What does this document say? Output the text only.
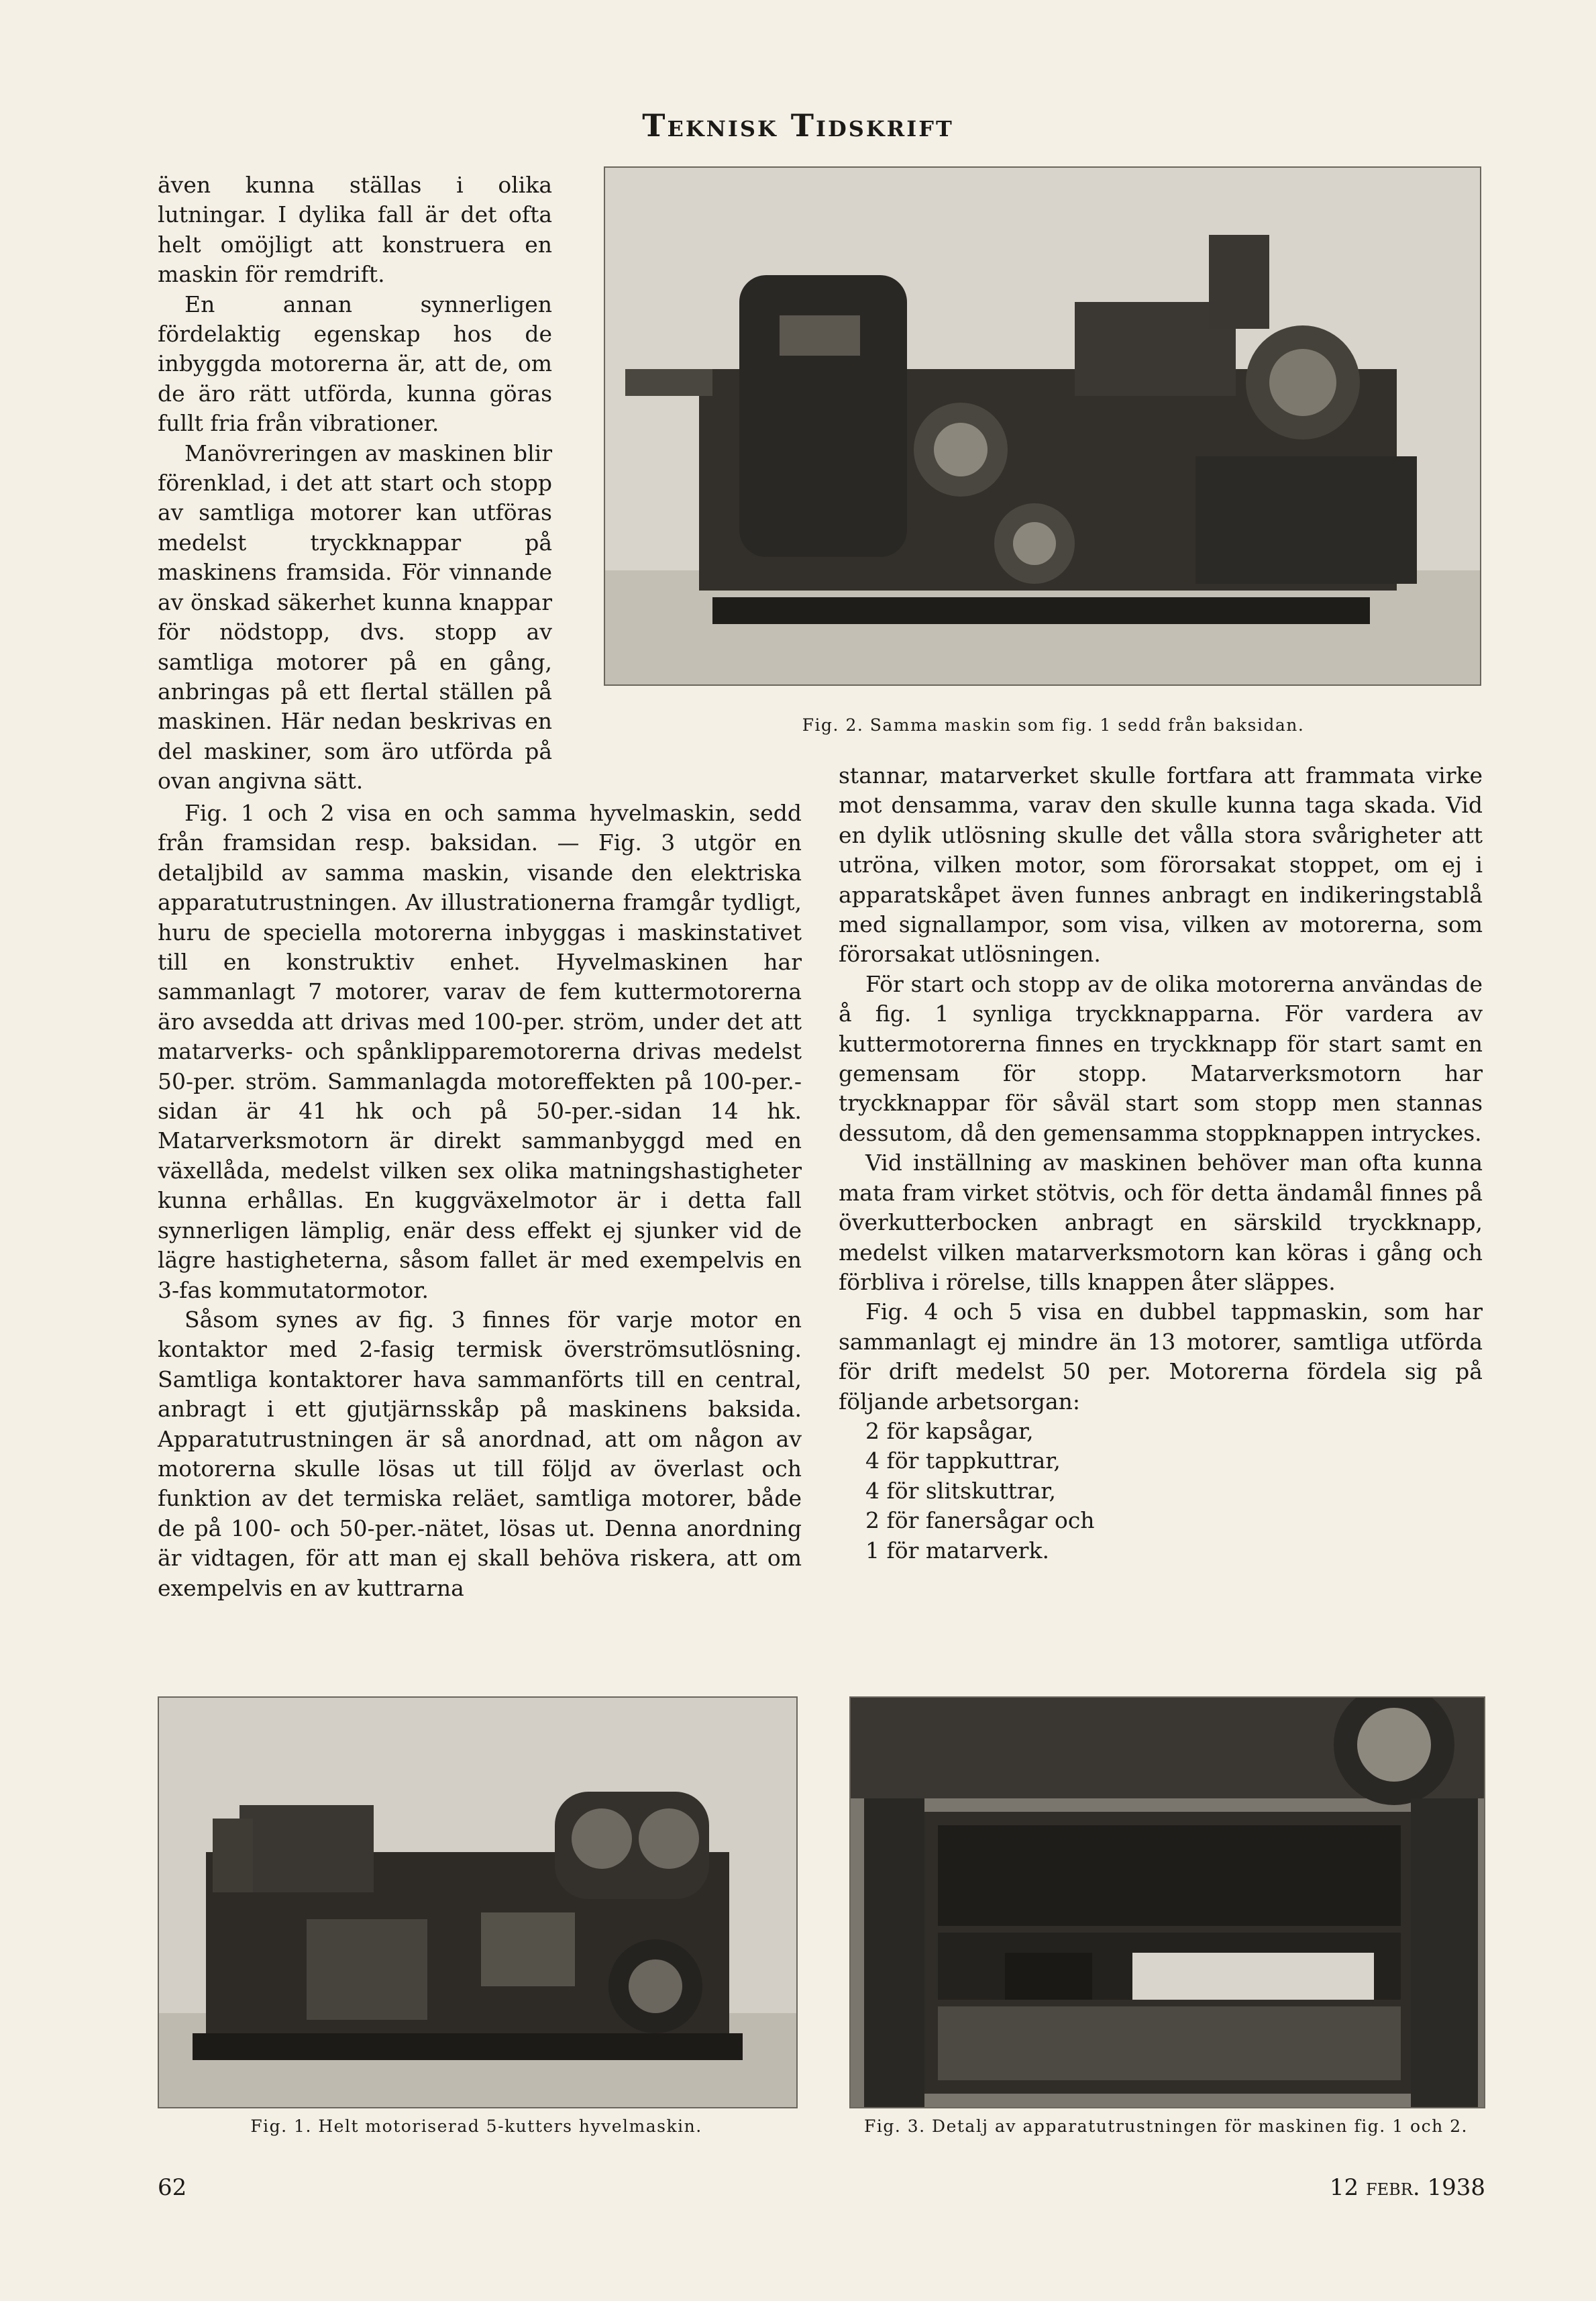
Teknisk Tidskrift
Fig. 2. Samma maskin som fig. 1 sedd från baksidan.

även kunna ställas i olika lutningar. I dylika fall är det ofta helt omöjligt att konstruera en maskin för remdrift.

En annan synnerligen fördelaktig egenskap hos de inbyggda motorerna är, att de, om de äro rätt utförda, kunna göras fullt fria från vibrationer.

Manövreringen av maskinen blir förenklad, i det att start och stopp av samtliga motorer kan utföras medelst tryckknappar på maskinens framsida. För vinnande av önskad säkerhet kunna knappar för nödstopp, dvs. stopp av samtliga motorer på en gång, anbringas på ett flertal ställen på maskinen. Här nedan beskrivas en del maskiner, som äro utförda på ovan angivna sätt.

Fig. 1 och 2 visa en och samma hyvelmaskin, sedd från framsidan resp. baksidan. — Fig. 3 utgör en detaljbild av samma maskin, visande den elektriska apparatutrustningen. Av illustrationerna framgår tydligt, huru de speciella motorerna inbyggas i maskinstativet till en konstruktiv enhet. Hyvelmaskinen har sammanlagt 7 motorer, varav de fem kuttermotorerna äro avsedda att drivas med 100-per. ström, under det att matarverks- och spånklipparemotorerna drivas medelst 50-per. ström. Sammanlagda motoreffekten på 100-per.-sidan är 41 hk och på 50-per.-sidan 14 hk. Matarverksmotorn är direkt sammanbyggd med en växellåda, medelst vilken sex olika matningshastigheter kunna erhållas. En kuggväxelmotor är i detta fall synnerligen lämplig, enär dess effekt ej sjunker vid de lägre hastigheterna, såsom fallet är med exempelvis en 3-fas kommutatormotor.

Såsom synes av fig. 3 finnes för varje motor en kontaktor med 2-fasig termisk överströmsutlösning. Samtliga kontaktorer hava sammanförts till en central, anbragt i ett gjutjärnsskåp på maskinens baksida. Apparatutrustningen är så anordnad, att om någon av motorerna skulle lösas ut till följd av överlast och funktion av det termiska reläet, samtliga motorer, både de på 100- och 50-per.-nätet, lösas ut. Denna anordning är vidtagen, för att man ej skall behöva riskera, att om exempelvis en av kuttrarna

stannar, matarverket skulle fortfara att frammata virke mot densamma, varav den skulle kunna taga skada. Vid en dylik utlösning skulle det vålla stora svårigheter att utröna, vilken motor, som förorsakat stoppet, om ej i apparatskåpet även funnes anbragt en indikeringstablå med signallampor, som visa, vilken av motorerna, som förorsakat utlösningen.

För start och stopp av de olika motorerna användas de å fig. 1 synliga tryckknapparna. För vardera av kuttermotorerna finnes en tryckknapp för start samt en gemensam för stopp. Matarverksmotorn har tryckknappar för såväl start som stopp men stannas dessutom, då den gemensamma stoppknappen intryckes.

Vid inställning av maskinen behöver man ofta kunna mata fram virket stötvis, och för detta ändamål finnes på överkutterbocken anbragt en särskild tryckknapp, medelst vilken matarverksmotorn kan köras i gång och förbliva i rörelse, tills knappen åter släppes.

Fig. 4 och 5 visa en dubbel tappmaskin, som har sammanlagt ej mindre än 13 motorer, samtliga utförda för drift medelst 50 per. Motorerna fördela sig på följande arbetsorgan:

2 för kapsågar,
4 för tappkuttrar,
4 för slitskuttrar,
2 för fanersågar och
1 för matarverk.
Fig. 1. Helt motoriserad 5-kutters hyvelmaskin.	Fig. 3. Detalj av apparatutrustningen för maskinen fig. 1 och 2.
62	12 febr. 1938
